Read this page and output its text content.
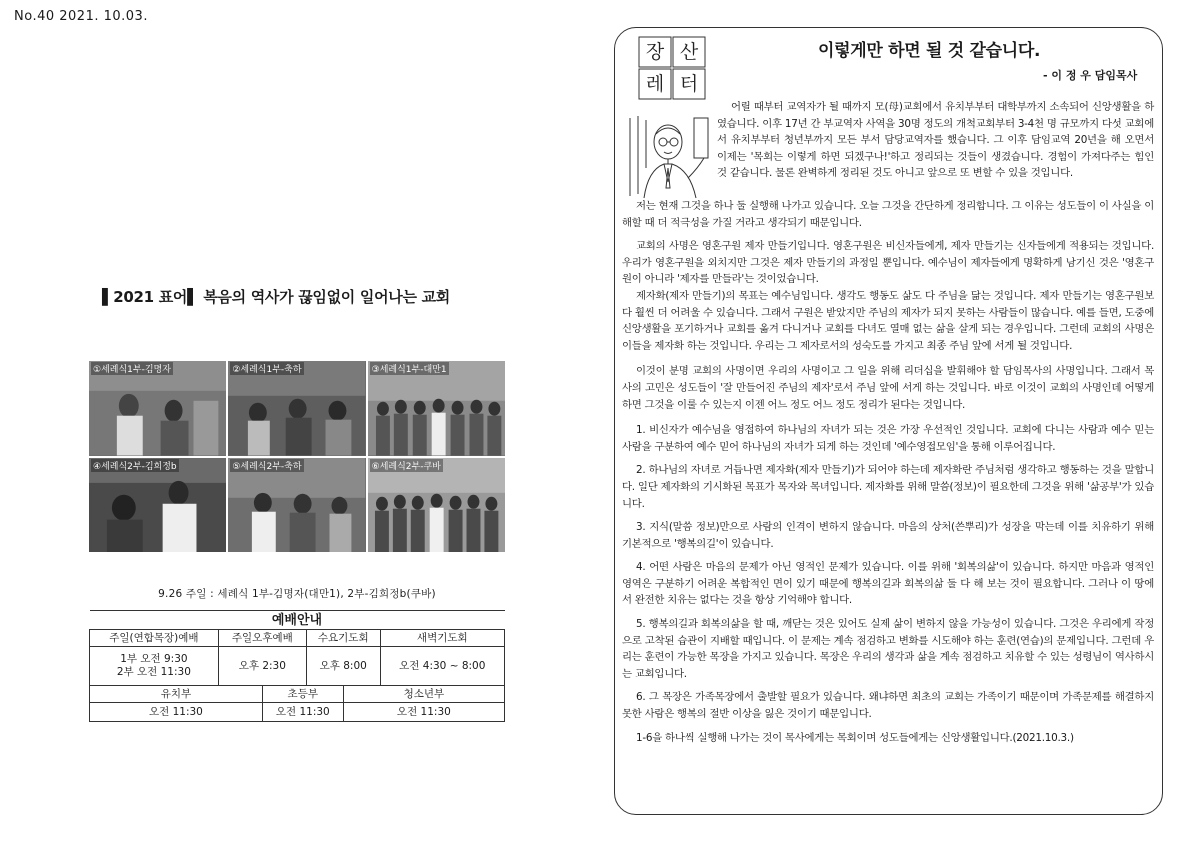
No.40 2021. 10.03.
▌2021 표어▌ 복음의 역사가 끊임없이 일어나는 교회
①세례식1부-김명자	②세례식1부-축하	③세례식1부-대만1
④세례식2부-김희정b	⑤세례식2부-축하	⑥세례식2부-쿠바
9.26 주일 : 세례식 1부-김명자(대만1), 2부-김희정b(쿠바)
예배안내					
주일(연합목장)예배	주일오후예배		수요기도회		새벽기도회
1부 오전 9:30
2부 오전 11:30	오후 2:30		오후 8:00		오전 4:30 ~ 8:00
유치부		초등부		청소년부	
오전 11:30		오전 11:30		오전 11:30	
장 산
레 터
이렇게만 하면 될 것 같습니다.
- 이 정 우 담임목사

어릴 때부터 교역자가 될 때까지 모(母)교회에서 유치부부터 대학부까지 소속되어 신앙생활을 하였습니다. 이후 17년 간 부교역자 사역을 30명 정도의 개척교회부터 3-4천 명 규모까지 다섯 교회에서 유치부부터 청년부까지 모든 부서 담당교역자를 했습니다. 그 이후 담임교역 20년을 해 오면서 이제는 '목회는 이렇게 하면 되겠구나!'하고 정리되는 것들이 생겼습니다. 경험이 가져다주는 힘인 것 같습니다. 물론 완벽하게 정리된 것도 아니고 앞으로 또 변할 수 있을 것입니다.

저는 현재 그것을 하나 둘 실행해 나가고 있습니다. 오늘 그것을 간단하게 정리합니다. 그 이유는 성도들이 이 사실을 이해할 때 더 적극성을 가질 거라고 생각되기 때문입니다.

교회의 사명은 영혼구원 제자 만들기입니다. 영혼구원은 비신자들에게, 제자 만들기는 신자들에게 적용되는 것입니다. 우리가 영혼구원을 외치지만 그것은 제자 만들기의 과정일 뿐입니다. 예수님이 제자들에게 명확하게 남기신 것은 '영혼구원이 아니라 '제자를 만들라'는 것이었습니다.

제자화(제자 만들기)의 목표는 예수님입니다. 생각도 행동도 삶도 다 주님을 닮는 것입니다. 제자 만들기는 영혼구원보다 훨씬 더 어려울 수 있습니다. 그래서 구원은 받았지만 주님의 제자가 되지 못하는 사람들이 많습니다. 예를 들면, 도중에 신앙생활을 포기하거나 교회를 옮겨 다니거나 교회를 다녀도 열매 없는 삶을 살게 되는 경우입니다. 그런데 교회의 사명은 이들을 제자화 하는 것입니다. 우리는 그 제자로서의 성숙도를 가지고 최종 주님 앞에 서게 될 것입니다.

이것이 분명 교회의 사명이면 우리의 사명이고 그 일을 위해 리더십을 발휘해야 할 담임목사의 사명입니다. 그래서 목사의 고민은 성도들이 '잘 만들어진 주님의 제자'로서 주님 앞에 서게 하는 것입니다. 바로 이것이 교회의 사명인데 어떻게 하면 그것을 이룰 수 있는지 이젠 어느 정도 어느 정도 정리가 된다는 것입니다.

1. 비신자가 예수님을 영접하여 하나님의 자녀가 되는 것은 가장 우선적인 것입니다. 교회에 다니는 사람과 예수 믿는 사람을 구분하여 예수 믿어 하나님의 자녀가 되게 하는 것인데 '예수영접모임'을 통해 이루어집니다.

2. 하나님의 자녀로 거듭나면 제자화(제자 만들기)가 되어야 하는데 제자화란 주님처럼 생각하고 행동하는 것을 말합니다. 일단 제자화의 기시화된 목표가 목자와 목녀입니다. 제자화를 위해 말씀(정보)이 필요한데 그것을 위해 '삶공부'가 있습니다.

3. 지식(말씀 정보)만으로 사람의 인격이 변하지 않습니다. 마음의 상처(쓴뿌리)가 성장을 막는데 이를 치유하기 위해 기본적으로 '행복의길'이 있습니다.

4. 어떤 사람은 마음의 문제가 아닌 영적인 문제가 있습니다. 이를 위해 '회복의삶'이 있습니다. 하지만 마음과 영적인 영역은 구분하기 어려운 복합적인 면이 있기 때문에 행복의길과 회복의삶 둘 다 해 보는 것이 필요합니다. 그러나 이 땅에서 완전한 치유는 없다는 것을 항상 기억해야 합니다.

5. 행복의길과 회복의삶을 할 때, 깨닫는 것은 있어도 실제 삶이 변하지 않을 가능성이 있습니다. 그것은 우리에게 작정으로 고착된 습관이 지배할 때입니다. 이 문제는 계속 점검하고 변화를 시도해야 하는 훈련(연습)의 문제입니다. 그런데 우리는 훈련이 가능한 목장을 가지고 있습니다. 목장은 우리의 생각과 삶을 계속 점검하고 치유할 수 있는 성령님이 역사하시는 교회입니다.

6. 그 목장은 가족목장에서 출발할 필요가 있습니다. 왜냐하면 최초의 교회는 가족이기 때문이며 가족문제를 해결하지 못한 사람은 행복의 절반 이상을 잃은 것이기 때문입니다.

1-6을 하나씩 실행해 나가는 것이 목사에게는 목회이며 성도들에게는 신앙생활입니다.(2021.10.3.)
